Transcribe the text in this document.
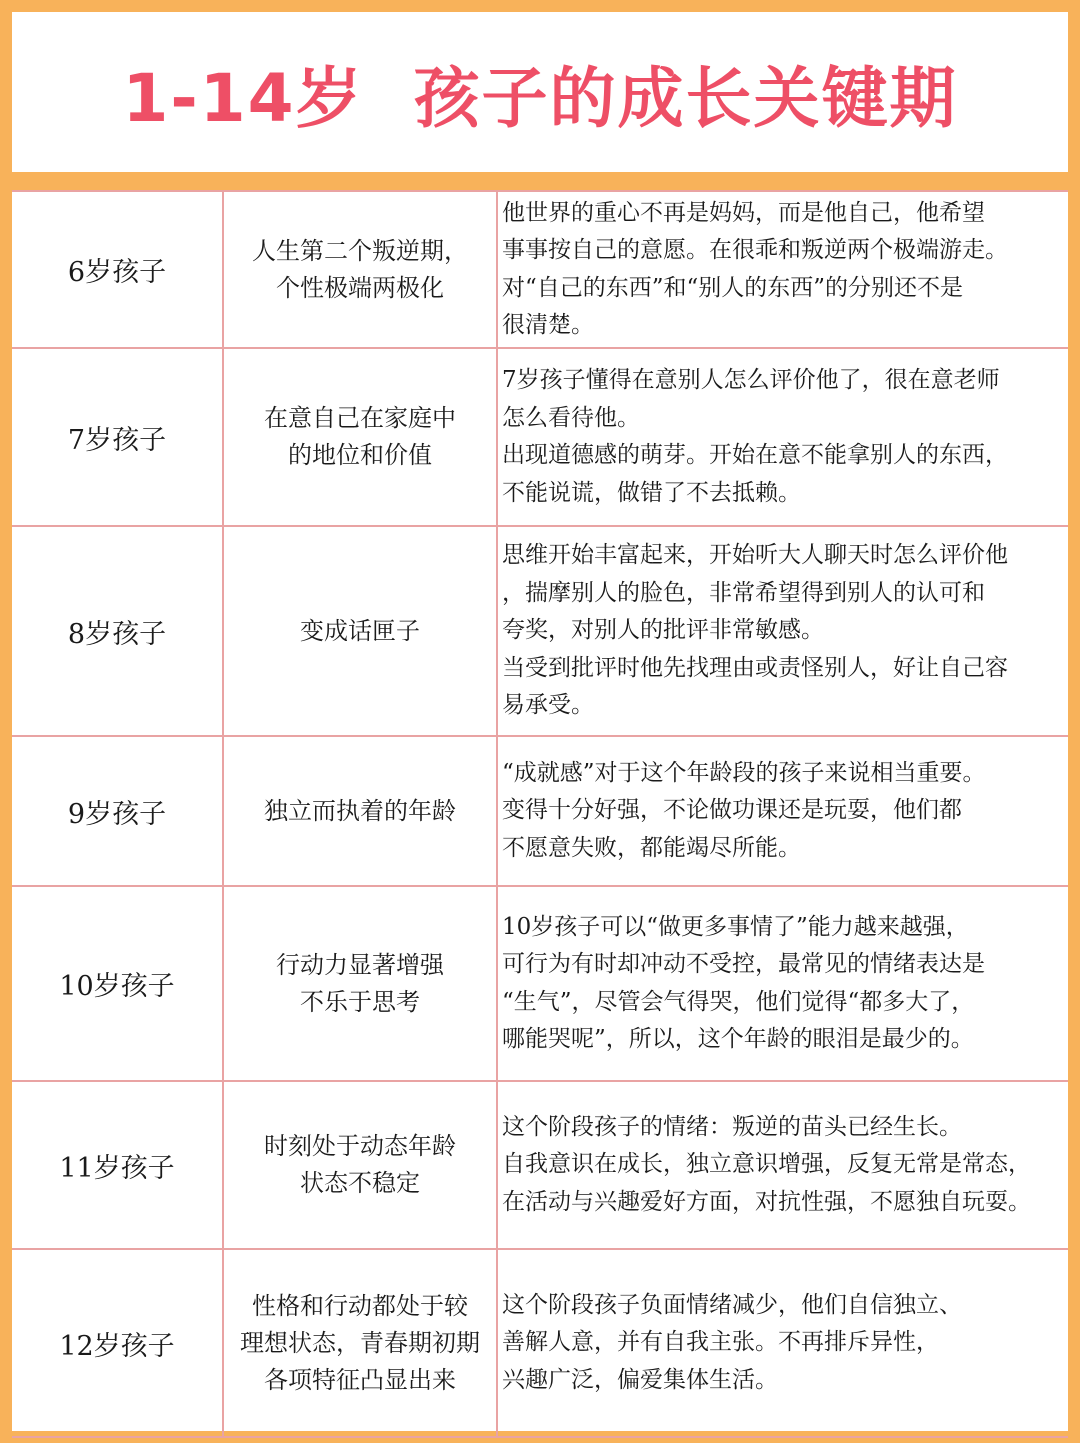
1-14岁  孩子的成长关键期
6岁孩子	人生第二个叛逆期，
个性极端两极化	他世界的重心不再是妈妈，而是他自己，他希望
事事按自己的意愿。在很乖和叛逆两个极端游走。
对“自己的东西”和“别人的东西”的分别还不是
很清楚。

7岁孩子	在意自己在家庭中
的地位和价值	7岁孩子懂得在意别人怎么评价他了，很在意老师
怎么看待他。
出现道德感的萌芽。开始在意不能拿别人的东西，
不能说谎，做错了不去抵赖。

8岁孩子	变成话匣子	思维开始丰富起来，开始听大人聊天时怎么评价他
，揣摩别人的脸色，非常希望得到别人的认可和
夸奖，对别人的批评非常敏感。
当受到批评时他先找理由或责怪别人，好让自己容
易承受。

9岁孩子	独立而执着的年龄	“成就感”对于这个年龄段的孩子来说相当重要。
变得十分好强，不论做功课还是玩耍，他们都
不愿意失败，都能竭尽所能。

10岁孩子	行动力显著增强
不乐于思考	10岁孩子可以“做更多事情了”能力越来越强，
可行为有时却冲动不受控，最常见的情绪表达是
“生气”，尽管会气得哭，他们觉得“都多大了，
哪能哭呢”，所以，这个年龄的眼泪是最少的。

11岁孩子	时刻处于动态年龄
状态不稳定	这个阶段孩子的情绪：叛逆的苗头已经生长。
自我意识在成长，独立意识增强，反复无常是常态，
在活动与兴趣爱好方面，对抗性强，不愿独自玩耍。

12岁孩子	性格和行动都处于较
理想状态，青春期初期
各项特征凸显出来	这个阶段孩子负面情绪减少，他们自信独立、
善解人意，并有自我主张。不再排斥异性，
兴趣广泛，偏爱集体生活。
